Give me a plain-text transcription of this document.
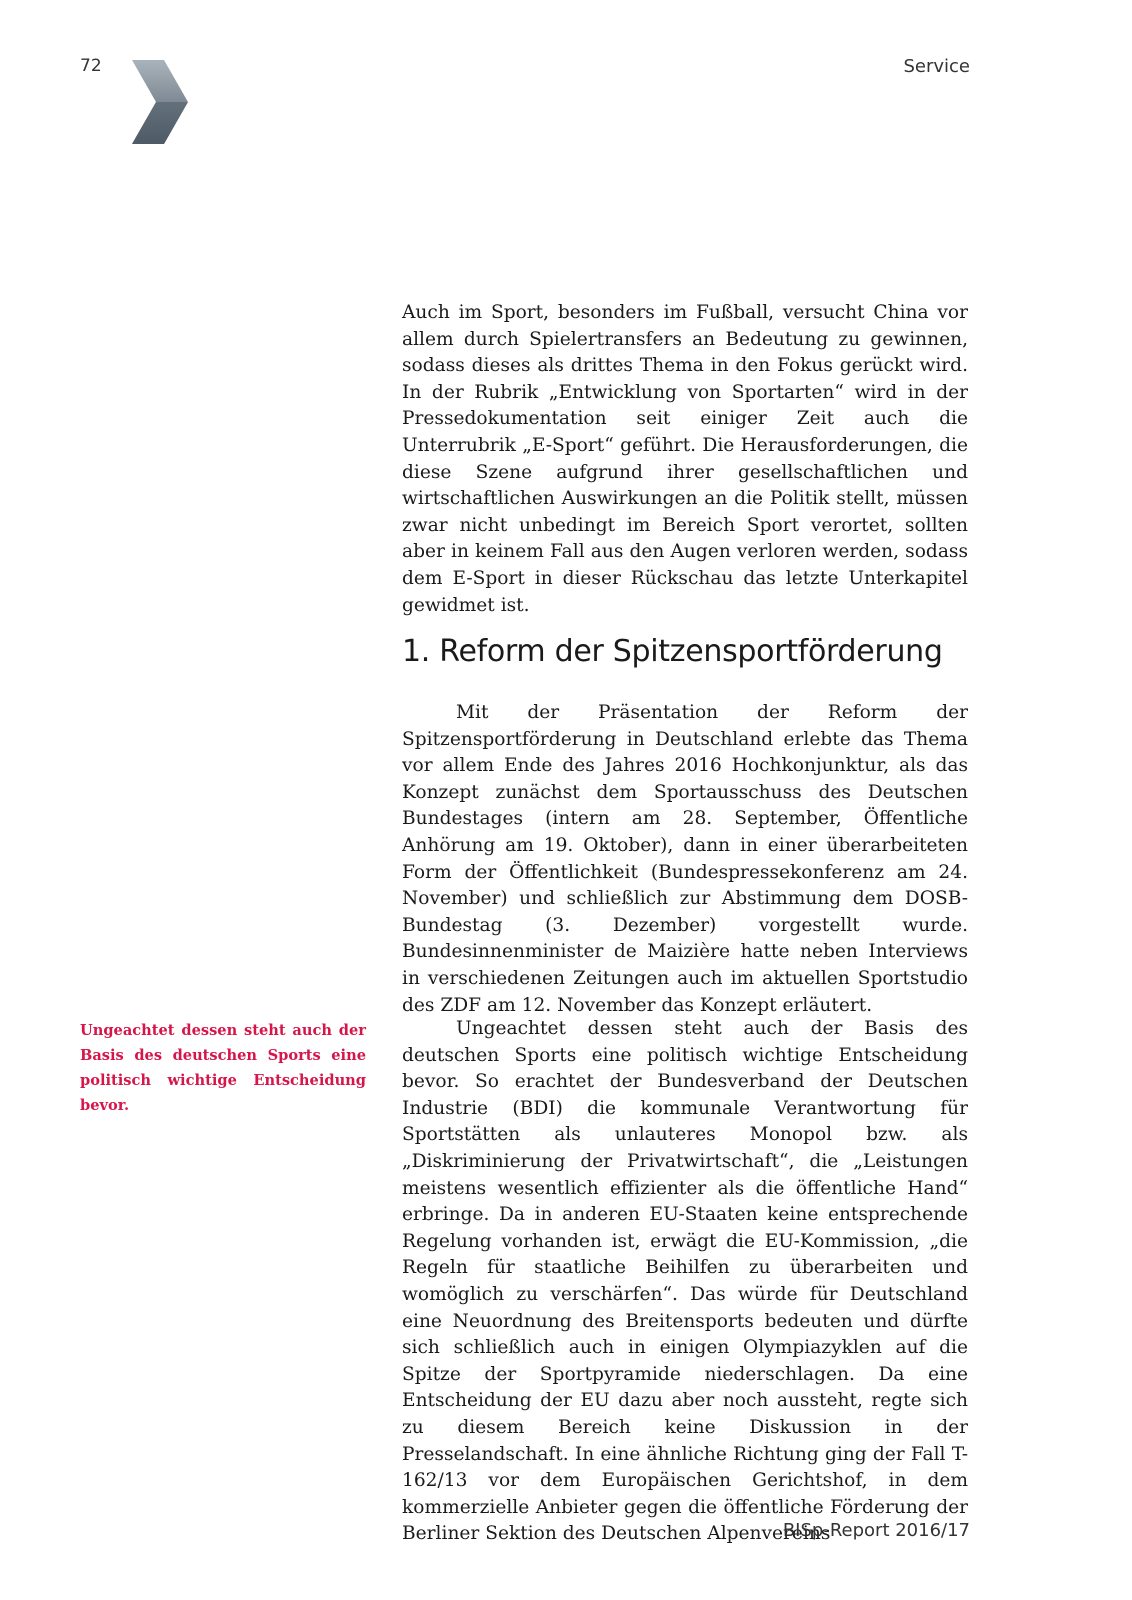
72	Service

Auch im Sport, besonders im Fußball, versucht China vor allem durch Spielertransfers an Bedeutung zu gewinnen, sodass dieses als drittes Thema in den Fokus gerückt wird. In der Rubrik „Entwicklung von Sportarten“ wird in der Pressedokumentation seit einiger Zeit auch die Unterrubrik „E-Sport“ geführt. Die Herausforderungen, die diese Szene aufgrund ihrer gesellschaftlichen und wirtschaftlichen Auswirkungen an die Politik stellt, müssen zwar nicht unbedingt im Bereich Sport verortet, sollten aber in keinem Fall aus den Augen verloren werden, sodass dem E-Sport in dieser Rückschau das letzte Unterkapitel gewidmet ist.

1. Reform der Spitzensportförderung

Mit der Präsentation der Reform der Spitzensportförderung in Deutschland erlebte das Thema vor allem Ende des Jahres 2016 Hochkonjunktur, als das Konzept zunächst dem Sportausschuss des Deutschen Bundestages (intern am 28. September, Öffentliche Anhörung am 19. Oktober), dann in einer überarbeiteten Form der Öffentlichkeit (Bundespressekonferenz am 24. November) und schließlich zur Abstimmung dem DOSB-Bundestag (3. Dezember) vorgestellt wurde. Bundesinnenminister de Maizière hatte neben Interviews in verschiedenen Zeitungen auch im aktuellen Sportstudio des ZDF am 12. November das Konzept erläutert.

Ungeachtet dessen steht auch der Basis des deutschen Sports eine politisch wichtige Entscheidung bevor.

Ungeachtet dessen steht auch der Basis des deutschen Sports eine politisch wichtige Entscheidung bevor. So erachtet der Bundesverband der Deutschen Industrie (BDI) die kommunale Verantwortung für Sportstätten als unlauteres Monopol bzw. als „Diskriminierung der Privatwirtschaft“, die „Leistungen meistens wesentlich effizienter als die öffentliche Hand“ erbringe. Da in anderen EU-Staaten keine entsprechende Regelung vorhanden ist, erwägt die EU-Kommission, „die Regeln für staatliche Beihilfen zu überarbeiten und womöglich zu verschärfen“. Das würde für Deutschland eine Neuordnung des Breitensports bedeuten und dürfte sich schließlich auch in einigen Olympiazyklen auf die Spitze der Sportpyramide niederschlagen. Da eine Entscheidung der EU dazu aber noch aussteht, regte sich zu diesem Bereich keine Diskussion in der Presselandschaft. In eine ähnliche Richtung ging der Fall T-162/13 vor dem Europäischen Gerichtshof, in dem kommerzielle Anbieter gegen die öffentliche Förderung der Berliner Sektion des Deutschen Alpenvereins

BISp-Report 2016/17
